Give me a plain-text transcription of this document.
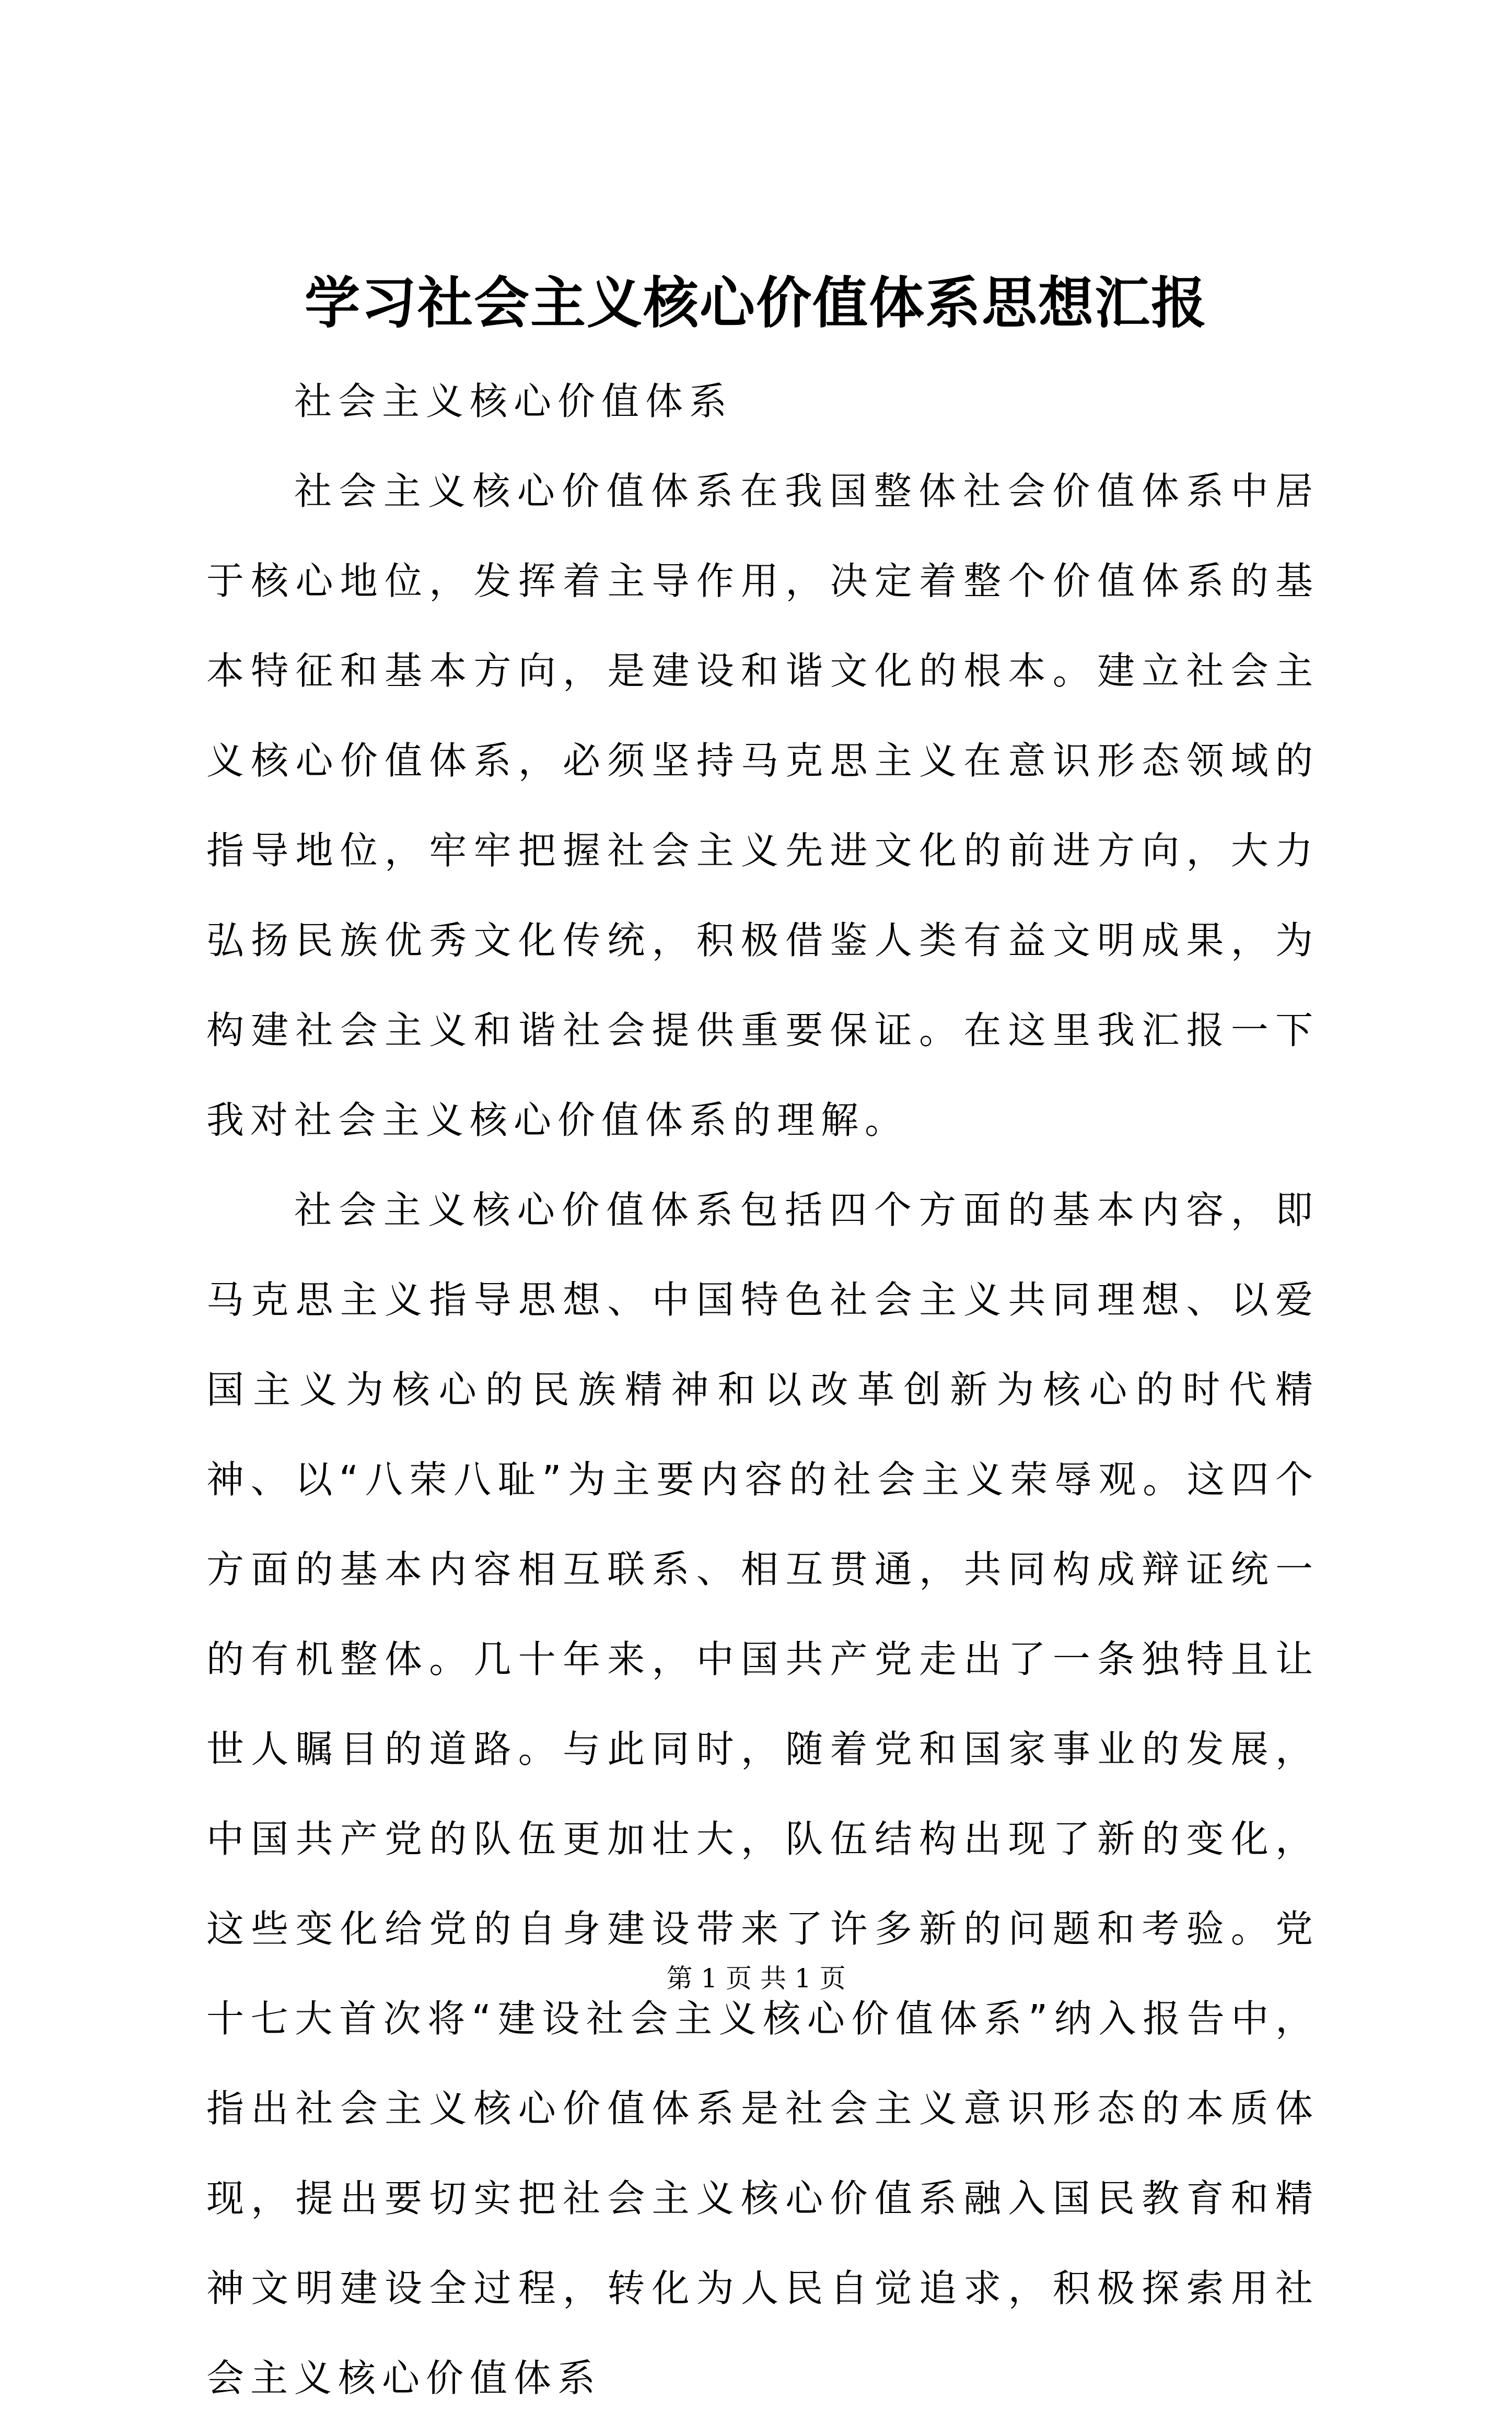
学习社会主义核心价值体系思想汇报

社会主义核心价值体系

社会主义核心价值体系在我国整体社会价值体系中居于核心地位，发挥着主导作用，决定着整个价值体系的基本特征和基本方向，是建设和谐文化的根本。建立社会主义核心价值体系，必须坚持马克思主义在意识形态领域的指导地位，牢牢把握社会主义先进文化的前进方向，大力弘扬民族优秀文化传统，积极借鉴人类有益文明成果，为构建社会主义和谐社会提供重要保证。在这里我汇报一下我对社会主义核心价值体系的理解。

社会主义核心价值体系包括四个方面的基本内容，即马克思主义指导思想、中国特色社会主义共同理想、以爱国主义为核心的民族精神和以改革创新为核心的时代精神、以“八荣八耻”为主要内容的社会主义荣辱观。这四个方面的基本内容相互联系、相互贯通，共同构成辩证统一的有机整体。几十年来，中国共产党走出了一条独特且让世人瞩目的道路。与此同时，随着党和国家事业的发展，中国共产党的队伍更加壮大，队伍结构出现了新的变化，这些变化给党的自身建设带来了许多新的问题和考验。党十七大首次将“建设社会主义核心价值体系”纳入报告中，指出社会主义核心价值体系是社会主义意识形态的本质体现，提出要切实把社会主义核心价值系融入国民教育和精神文明建设全过程，转化为人民自觉追求，积极探索用社会主义核心价值体系

第 1 页 共 1 页
